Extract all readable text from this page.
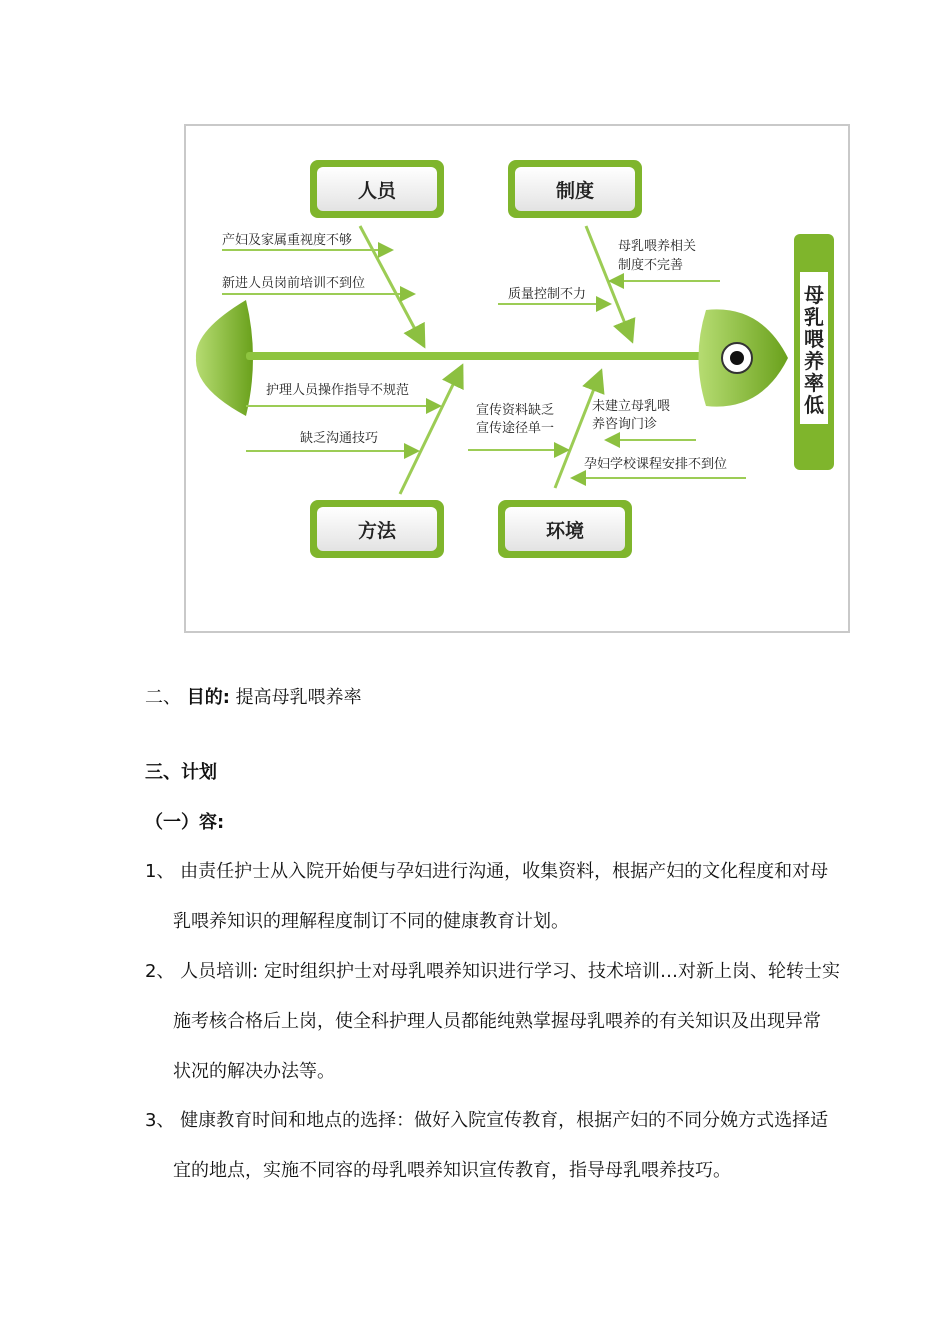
人员	制度
方法	环境
母
乳
喂
养
率
低
产妇及家属重视度不够
新进人员岗前培训不到位
母乳喂养相关
制度不完善
质量控制不力
护理人员操作指导不规范
缺乏沟通技巧
宣传资料缺乏
宣传途径单一
未建立母乳喂
养咨询门诊
孕妇学校课程安排不到位
二、 目的: 提高母乳喂养率
三、计划
（一）容:
1、 由责任护士从入院开始便与孕妇进行沟通，收集资料，根据产妇的文化程度和对母
乳喂养知识的理解程度制订不同的健康教育计划。
2、 人员培训: 定时组织护士对母乳喂养知识进行学习、技术培训…对新上岗、轮转士实
施考核合格后上岗，使全科护理人员都能纯熟掌握母乳喂养的有关知识及出现异常
状况的解决办法等。
3、 健康教育时间和地点的选择：做好入院宣传教育，根据产妇的不同分娩方式选择适
宜的地点，实施不同容的母乳喂养知识宣传教育，指导母乳喂养技巧。
